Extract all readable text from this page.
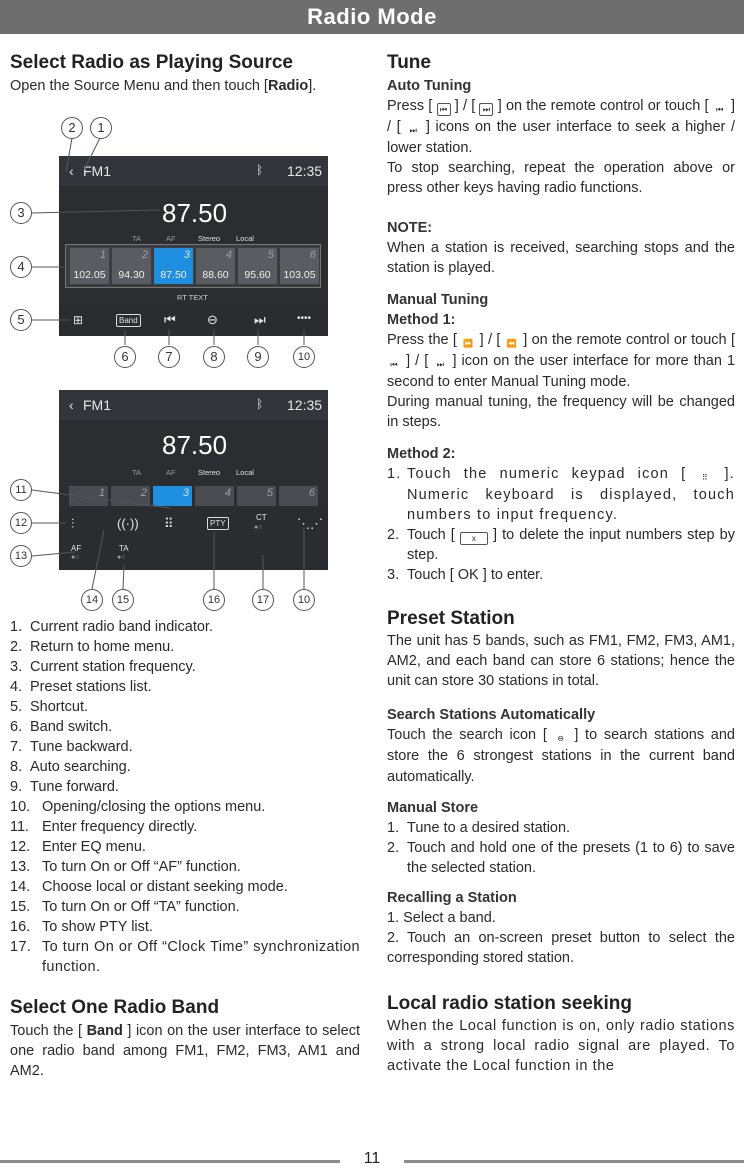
Radio Mode
Select Radio as Playing Source

Open the Source Menu and then touch [Radio].

‹ FM1	ᛒ 12:35
87.50
TA	AF	Stereo Local
1
102.05
2
94.30
3
87.50
4
88.60
5
95.60
6
103.05
RT TEXT
⊞	Band ⏮ ⊖	⏭	••••
‹ FM1	ᛒ 12:35
87.50
TA	AF	Stereo Local
1	2	3	4	5	6
⫶	((·)) ⠿	PTY
CT
●○	⋱⋰
AF
●○
TA
●○
2	1
3
4
5
6	7	8	9	10
11
12
13
14	15	16	17	10
1. Current radio band indicator.
2. Return to home menu.
3. Current station frequency.
4. Preset stations list.
5. Shortcut.
6. Band switch.
7. Tune backward.
8. Auto searching.
9. Tune forward.
10. Opening/closing the options menu.
11. Enter frequency directly.
12. Enter EQ menu.
13. To turn On or Off “AF” function.
14. Choose local or distant seeking mode.
15. To turn On or Off “TA” function.
16. To show PTY list.
17. To turn On or Off “Clock Time” synchronization function.
Select One Radio Band

Touch the [ Band ] icon on the user interface to select one radio band among FM1, FM2, FM3, AM1 and AM2.

Tune
Auto Tuning

Press [ ⏮ ] / [ ⏭ ] on the remote control or touch [ ⏮ ] / [ ⏭ ] icons on the user interface to seek a higher / lower station.

To stop searching, repeat the operation above or press other keys having radio functions.

NOTE:

When a station is received, searching stops and the station is played.

Manual Tuning
Method 1:

Press the [ ⏩ ] / [ ⏪ ] on the remote control or touch [ ⏮ ] / [ ⏭ ] icon on the user interface for more than 1 second to enter Manual Tuning mode.

During manual tuning, the frequency will be changed in steps.

Method 2:
1. Touch the numeric keypad icon [ ⠿ ]. Numeric keyboard is displayed, touch numbers to input frequency.
2. Touch [ x ] to delete the input numbers step by step.
3. Touch [ OK ] to enter.
Preset Station

The unit has 5 bands, such as FM1, FM2, FM3, AM1, AM2, and each band can store 6 stations; hence the unit can store 30 stations in total.

Search Stations Automatically

Touch the search icon [ ⊖ ] to search stations and store the 6 strongest stations in the current band automatically.

Manual Store
1. Tune to a desired station.
2. Touch and hold one of the presets (1 to 6) to save the selected station.
Recalling a Station

1. Select a band.

2. Touch an on-screen preset button to select the corresponding stored station.

Local radio station seeking

When the Local function is on, only radio stations with a strong local radio signal are played. To activate the Local function in the

11
